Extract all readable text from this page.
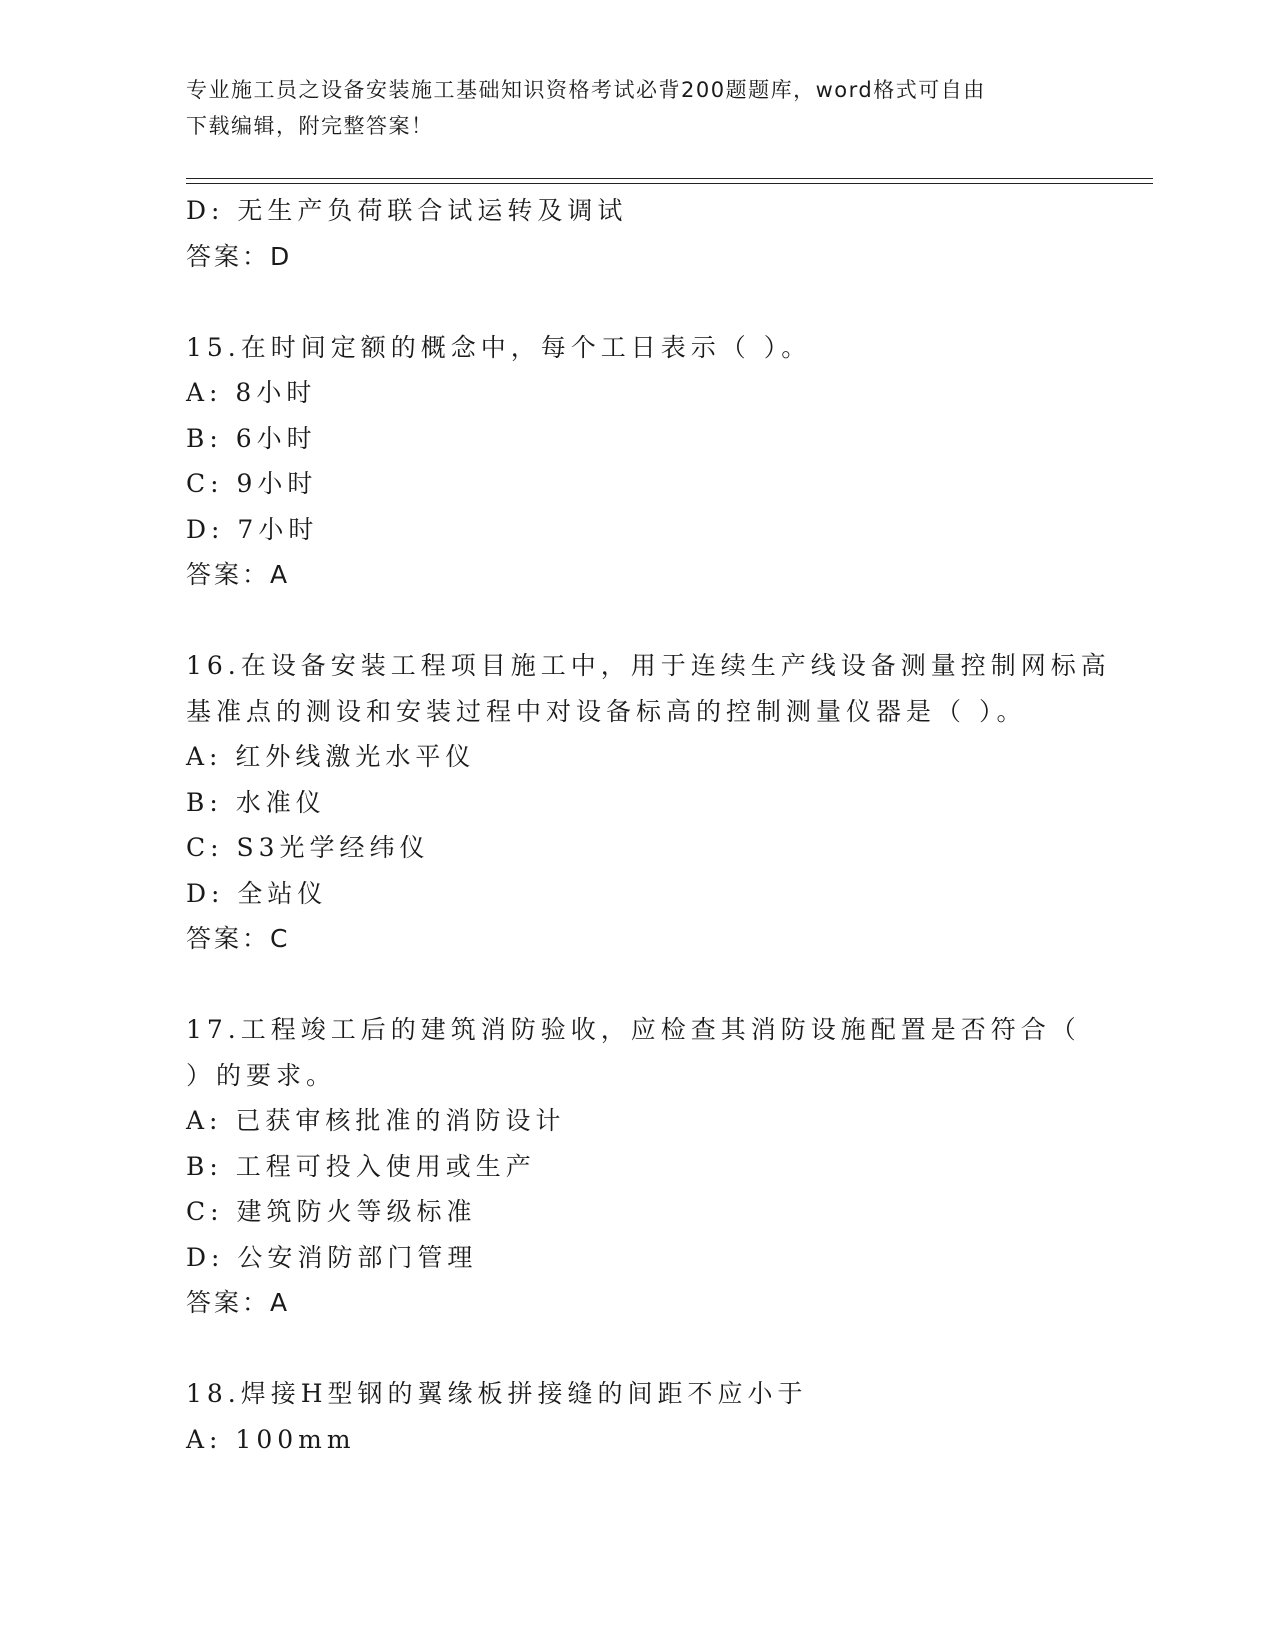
专业施工员之设备安装施工基础知识资格考试必背200题题库，word格式可自由
下载编辑，附完整答案！
D: 无生产负荷联合试运转及调试
答案：D
15.在时间定额的概念中，每个工日表示（ ）。
A: 8小时
B: 6小时
C: 9小时
D: 7小时
答案：A
16.在设备安装工程项目施工中，用于连续生产线设备测量控制网标高
基准点的测设和安装过程中对设备标高的控制测量仪器是（ ）。
A: 红外线激光水平仪
B: 水准仪
C: S3光学经纬仪
D: 全站仪
答案：C
17.工程竣工后的建筑消防验收，应检查其消防设施配置是否符合（
）的要求。
A: 已获审核批准的消防设计
B: 工程可投入使用或生产
C: 建筑防火等级标准
D: 公安消防部门管理
答案：A
18.焊接H型钢的翼缘板拼接缝的间距不应小于
A: 100mm
